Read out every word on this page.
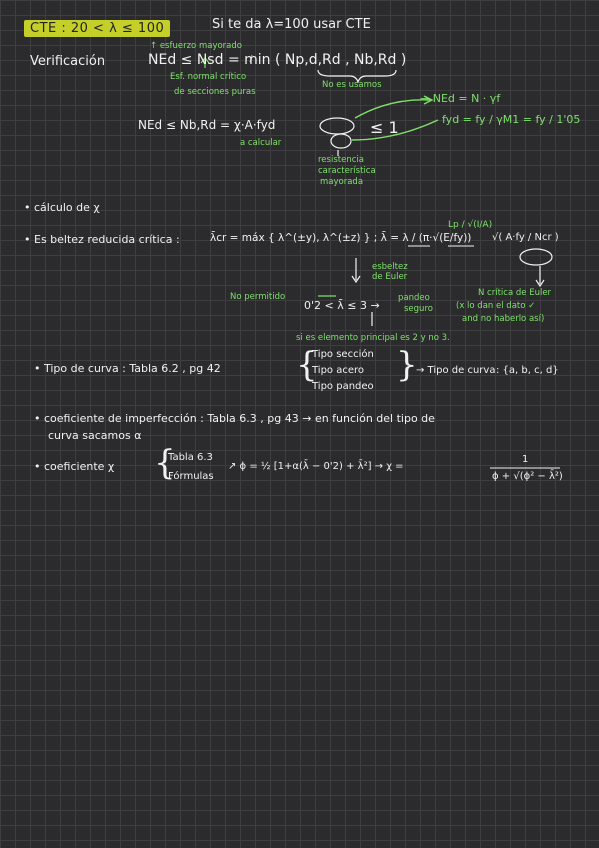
CTE : 20 < λ ≤ 100	Si te da λ=100 usar CTE
↑ esfuerzo mayorado
Verificación	NEd ≤ Nsd = min ( Np,d,Rd , Nb,Rd )
Esf. normal crítico
de secciones puras
No es usamos
NEd ≤ Nb,Rd = χ·A·fyd	≤ 1
a calcular
resistencia
característica
mayorada
→ NEd = N · γf
fyd = fy / γM1 = fy / 1'05
• cálculo de χ
• Es beltez reducida crítica :	λ̄cr = máx { λ^(±y), λ^(±z) } ; λ̄ = λ / (π·√(E/fy))
Lp / √(I/A)
√( A·fy / Ncr )
esbeltez
de Euler
N crítica de Euler
(x lo dan el dato ✓
and no haberlo así)
No permitido
0'2 < λ̄ ≤ 3 →
pandeo
seguro
si es elemento principal es 2 y no 3.
• Tipo de curva : Tabla 6.2 , pg 42 {
Tipo sección
Tipo acero
Tipo pandeo
}
→ Tipo de curva : {a, b, c, d}
• coeficiente de imperfección : Tabla 6.3 , pg 43 → en función del tipo de
curva sacamos α
• coeficiente χ {
Tabla 6.3
Fórmulas
↗ ϕ = ½ [1+α(λ̄ − 0'2) + λ̄²] → χ =
1
ϕ + √(ϕ² − λ̄²)
